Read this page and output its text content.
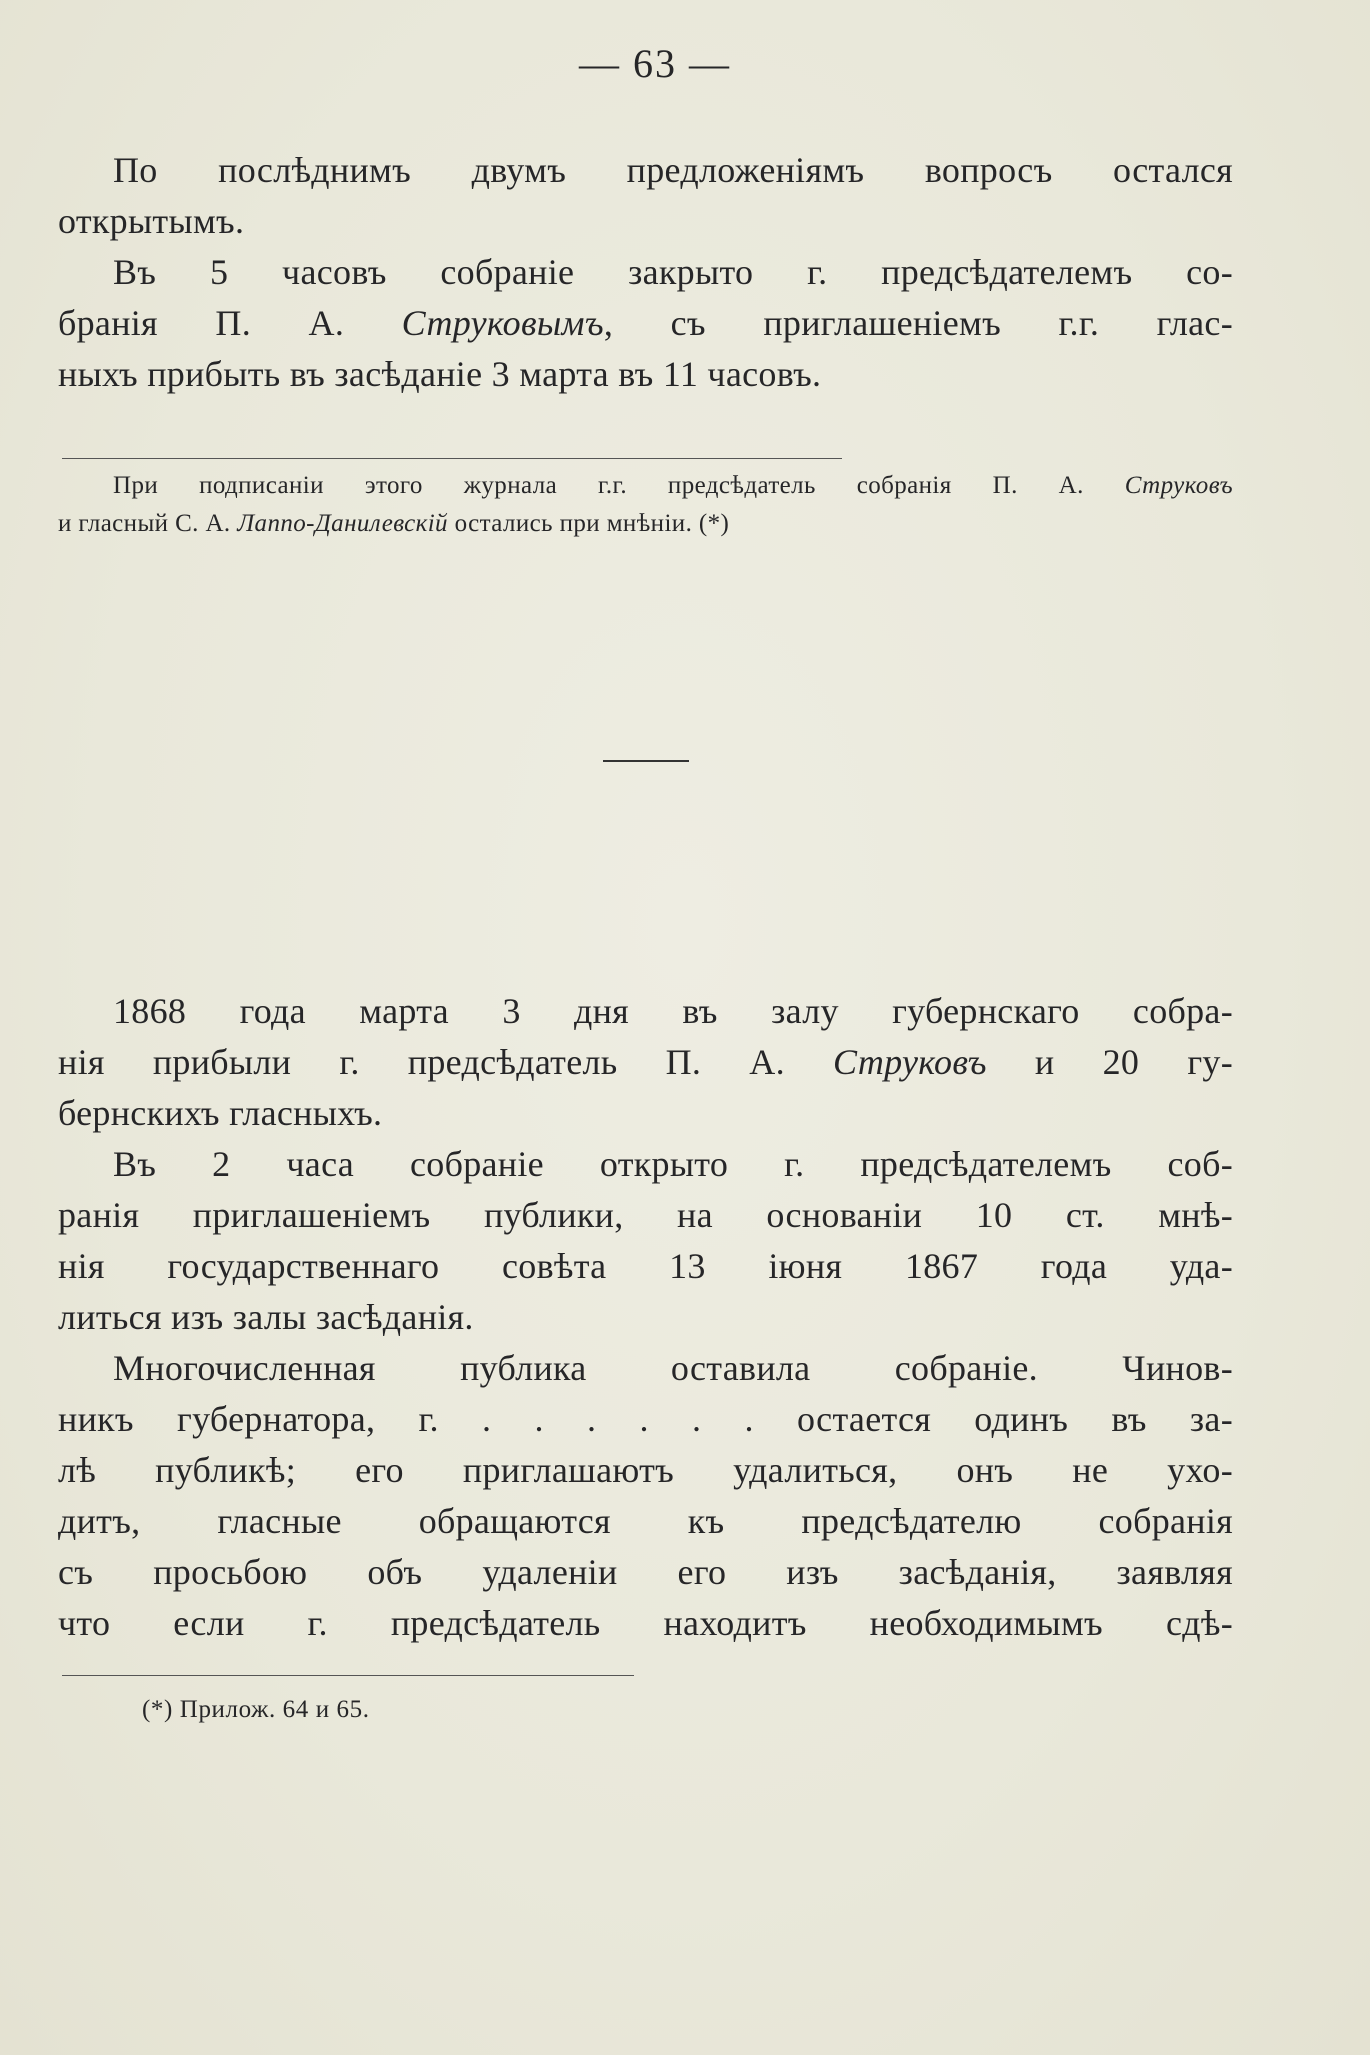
— 63 —
По послѣднимъ двумъ предложеніямъ вопросъ остался
открытымъ.
Въ 5 часовъ собраніе закрыто г. предсѣдателемъ со-
бранія П. А. Струковымъ, съ приглашеніемъ г.г. глас-
ныхъ прибыть въ засѣданіе 3 марта въ 11 часовъ.
При подписаніи этого журнала г.г. предсѣдатель собранія П. А. Струковъ
и гласный С. А. Лаппо-Данилевскій остались при мнѣніи. (*)
1868 года марта 3 дня въ залу губернскаго собра-
нія прибыли г. предсѣдатель П. А. Струковъ и 20 гу-
бернскихъ гласныхъ.
Въ 2 часа собраніе открыто г. предсѣдателемъ соб-
ранія приглашеніемъ публики, на основаніи 10 ст. мнѣ-
нія государственнаго совѣта 13 іюня 1867 года уда-
литься изъ залы засѣданія.
Многочисленная публика оставила собраніе. Чинов-
никъ губернатора, г. . . . . . . остается одинъ въ за-
лѣ публикѣ; его приглашаютъ удалиться, онъ не ухо-
дитъ, гласные обращаются къ предсѣдателю собранія
съ просьбою объ удаленіи его изъ засѣданія, заявляя
что если г. предсѣдатель находитъ необходимымъ сдѣ-
(*) Прилож. 64 и 65.
